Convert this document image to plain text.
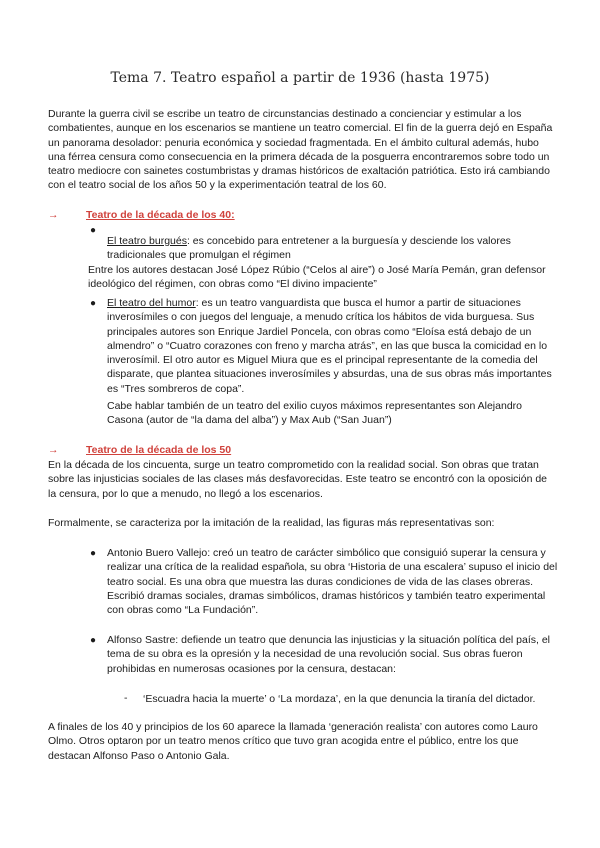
Tema 7. Teatro español a partir de 1936 (hasta 1975)

Durante la guerra civil se escribe un teatro de circunstancias destinado a concienciar y estimular a los combatientes, aunque en los escenarios se mantiene un teatro comercial. El fin de la guerra dejó en España un panorama desolador: penuria económica y sociedad fragmentada. En el ámbito cultural además, hubo una férrea censura como consecuencia en la primera década de la posguerra encontraremos sobre todo un teatro mediocre con sainetes costumbristas y dramas históricos de exaltación patriótica. Esto irá cambiando con el teatro social de los años 50 y la experimentación teatral de los 60.

→	Teatro de la década de los 40:
●

El teatro burgués: es concebido para entretener a la burguesía y desciende los valores tradicionales que promulgan el régimen

Entre los autores destacan José López Rúbio (“Celos al aire”) o José María Pemán, gran defensor ideológico del régimen, con obras como “El divino impaciente”

● El teatro del humor: es un teatro vanguardista que busca el humor a partir de situaciones inverosímiles o con juegos del lenguaje, a menudo crítica los hábitos de vida burguesa. Sus principales autores son Enrique Jardiel Poncela, con obras como “Eloísa está debajo de un almendro” o “Cuatro corazones con freno y marcha atrás”, en las que busca la comicidad en lo inverosímil. El otro autor es Miguel Miura que es el principal representante de la comedia del disparate, que plantea situaciones inverosímiles y absurdas, una de sus obras más importantes es “Tres sombreros de copa”.

Cabe hablar también de un teatro del exilio cuyos máximos representantes son Alejandro Casona (autor de “la dama del alba”) y Max Aub (“San Juan”)

→	Teatro de la década de los 50

En la década de los cincuenta, surge un teatro comprometido con la realidad social. Son obras que tratan sobre las injusticias sociales de las clases más desfavorecidas. Este teatro se encontró con la oposición de la censura, por lo que a menudo, no llegó a los escenarios.

Formalmente, se caracteriza por la imitación de la realidad, las figuras más representativas son:

● Antonio Buero Vallejo: creó un teatro de carácter simbólico que consiguió superar la censura y realizar una crítica de la realidad española, su obra ‘Historia de una escalera’ supuso el inicio del teatro social. Es una obra que muestra las duras condiciones de vida de las clases obreras. Escribió dramas sociales, dramas simbólicos, dramas históricos y también teatro experimental con obras como “La Fundación”.

● Alfonso Sastre: defiende un teatro que denuncia las injusticias y la situación política del país, el tema de su obra es la opresión y la necesidad de una revolución social. Sus obras fueron prohibidas en numerosas ocasiones por la censura, destacan:

- ‘Escuadra hacia la muerte’ o ‘La mordaza’, en la que denuncia la tiranía del dictador.

A finales de los 40 y principios de los 60 aparece la llamada ‘generación realista’ con autores como Lauro Olmo. Otros optaron por un teatro menos crítico que tuvo gran acogida entre el público, entre los que destacan Alfonso Paso o Antonio Gala.
